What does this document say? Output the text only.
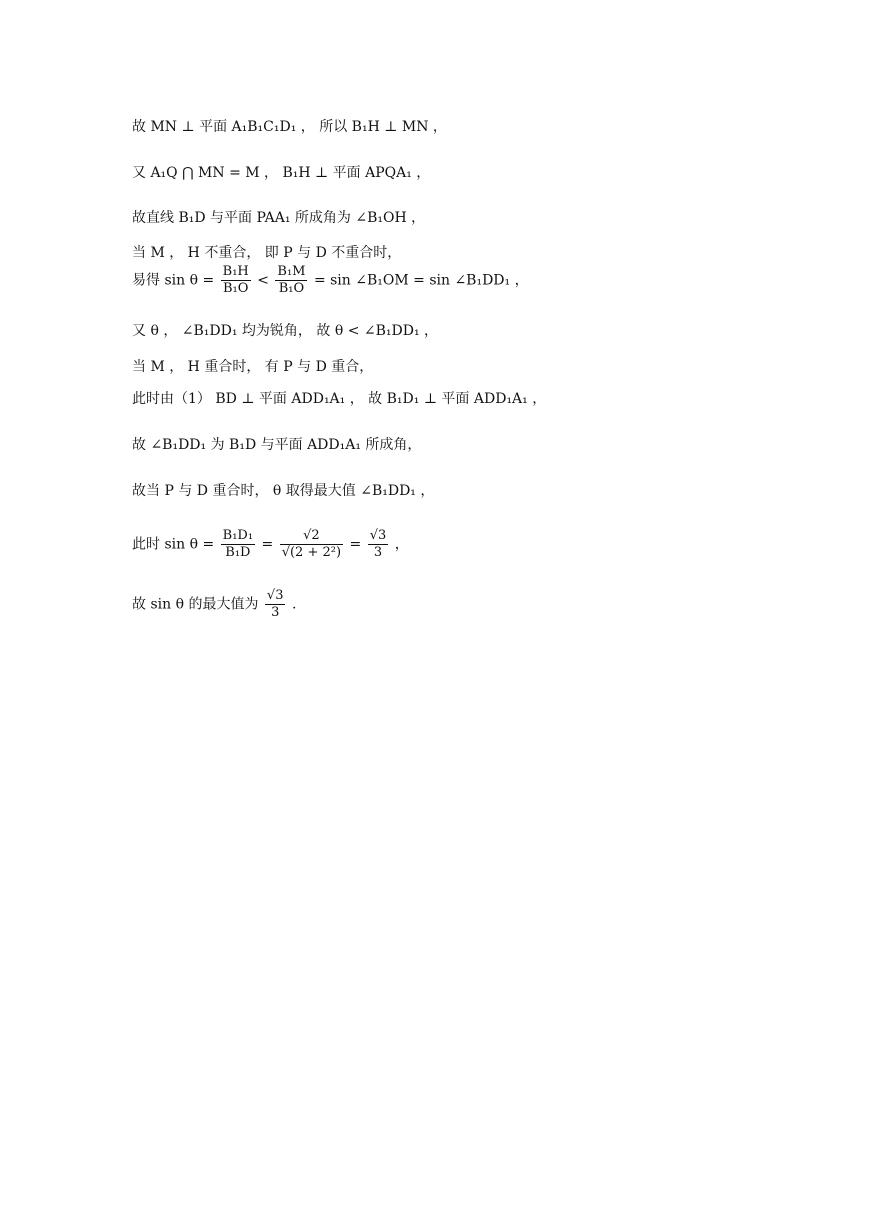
故 MN ⊥ 平面 A₁B₁C₁D₁ ， 所以 B₁H ⊥ MN ，
又 A₁Q ⋂ MN = M ， B₁H ⊥ 平面 APQA₁ ，
故直线 B₁D 与平面 PAA₁ 所成角为 ∠B₁OH ，
当 M ， H 不重合， 即 P 与 D 不重合时，
易得 $\sin \theta = \frac{\text{B₁H}}{\text{B₁O}} < \frac{\text{B₁M}}{\text{B₁O}} = \sin$ ∠B₁OM = sin ∠B₁DD₁ ，
又 θ ， ∠B₁DD₁ 均为锐角， 故 θ < ∠B₁DD₁ ，
当 M ， H 重合时， 有 P 与 D 重合，
此时由（1） BD ⊥ 平面 ADD₁A₁ ， 故 B₁D₁ ⊥ 平面 ADD₁A₁ ，
故 ∠B₁DD₁ 为 B₁D 与平面 ADD₁A₁ 所成角，
故当 P 与 D 重合时， θ 取得最大值 ∠B₁DD₁ ，
此时 $\sin \theta = \frac{\text{B₁D₁}}{\text{B₁D}} = \frac{√2}{\text{√(2 + 2²)}} = \frac{√3}{3}$ ，
故 sin θ 的最大值为 $\frac{√3}{3}$ .
